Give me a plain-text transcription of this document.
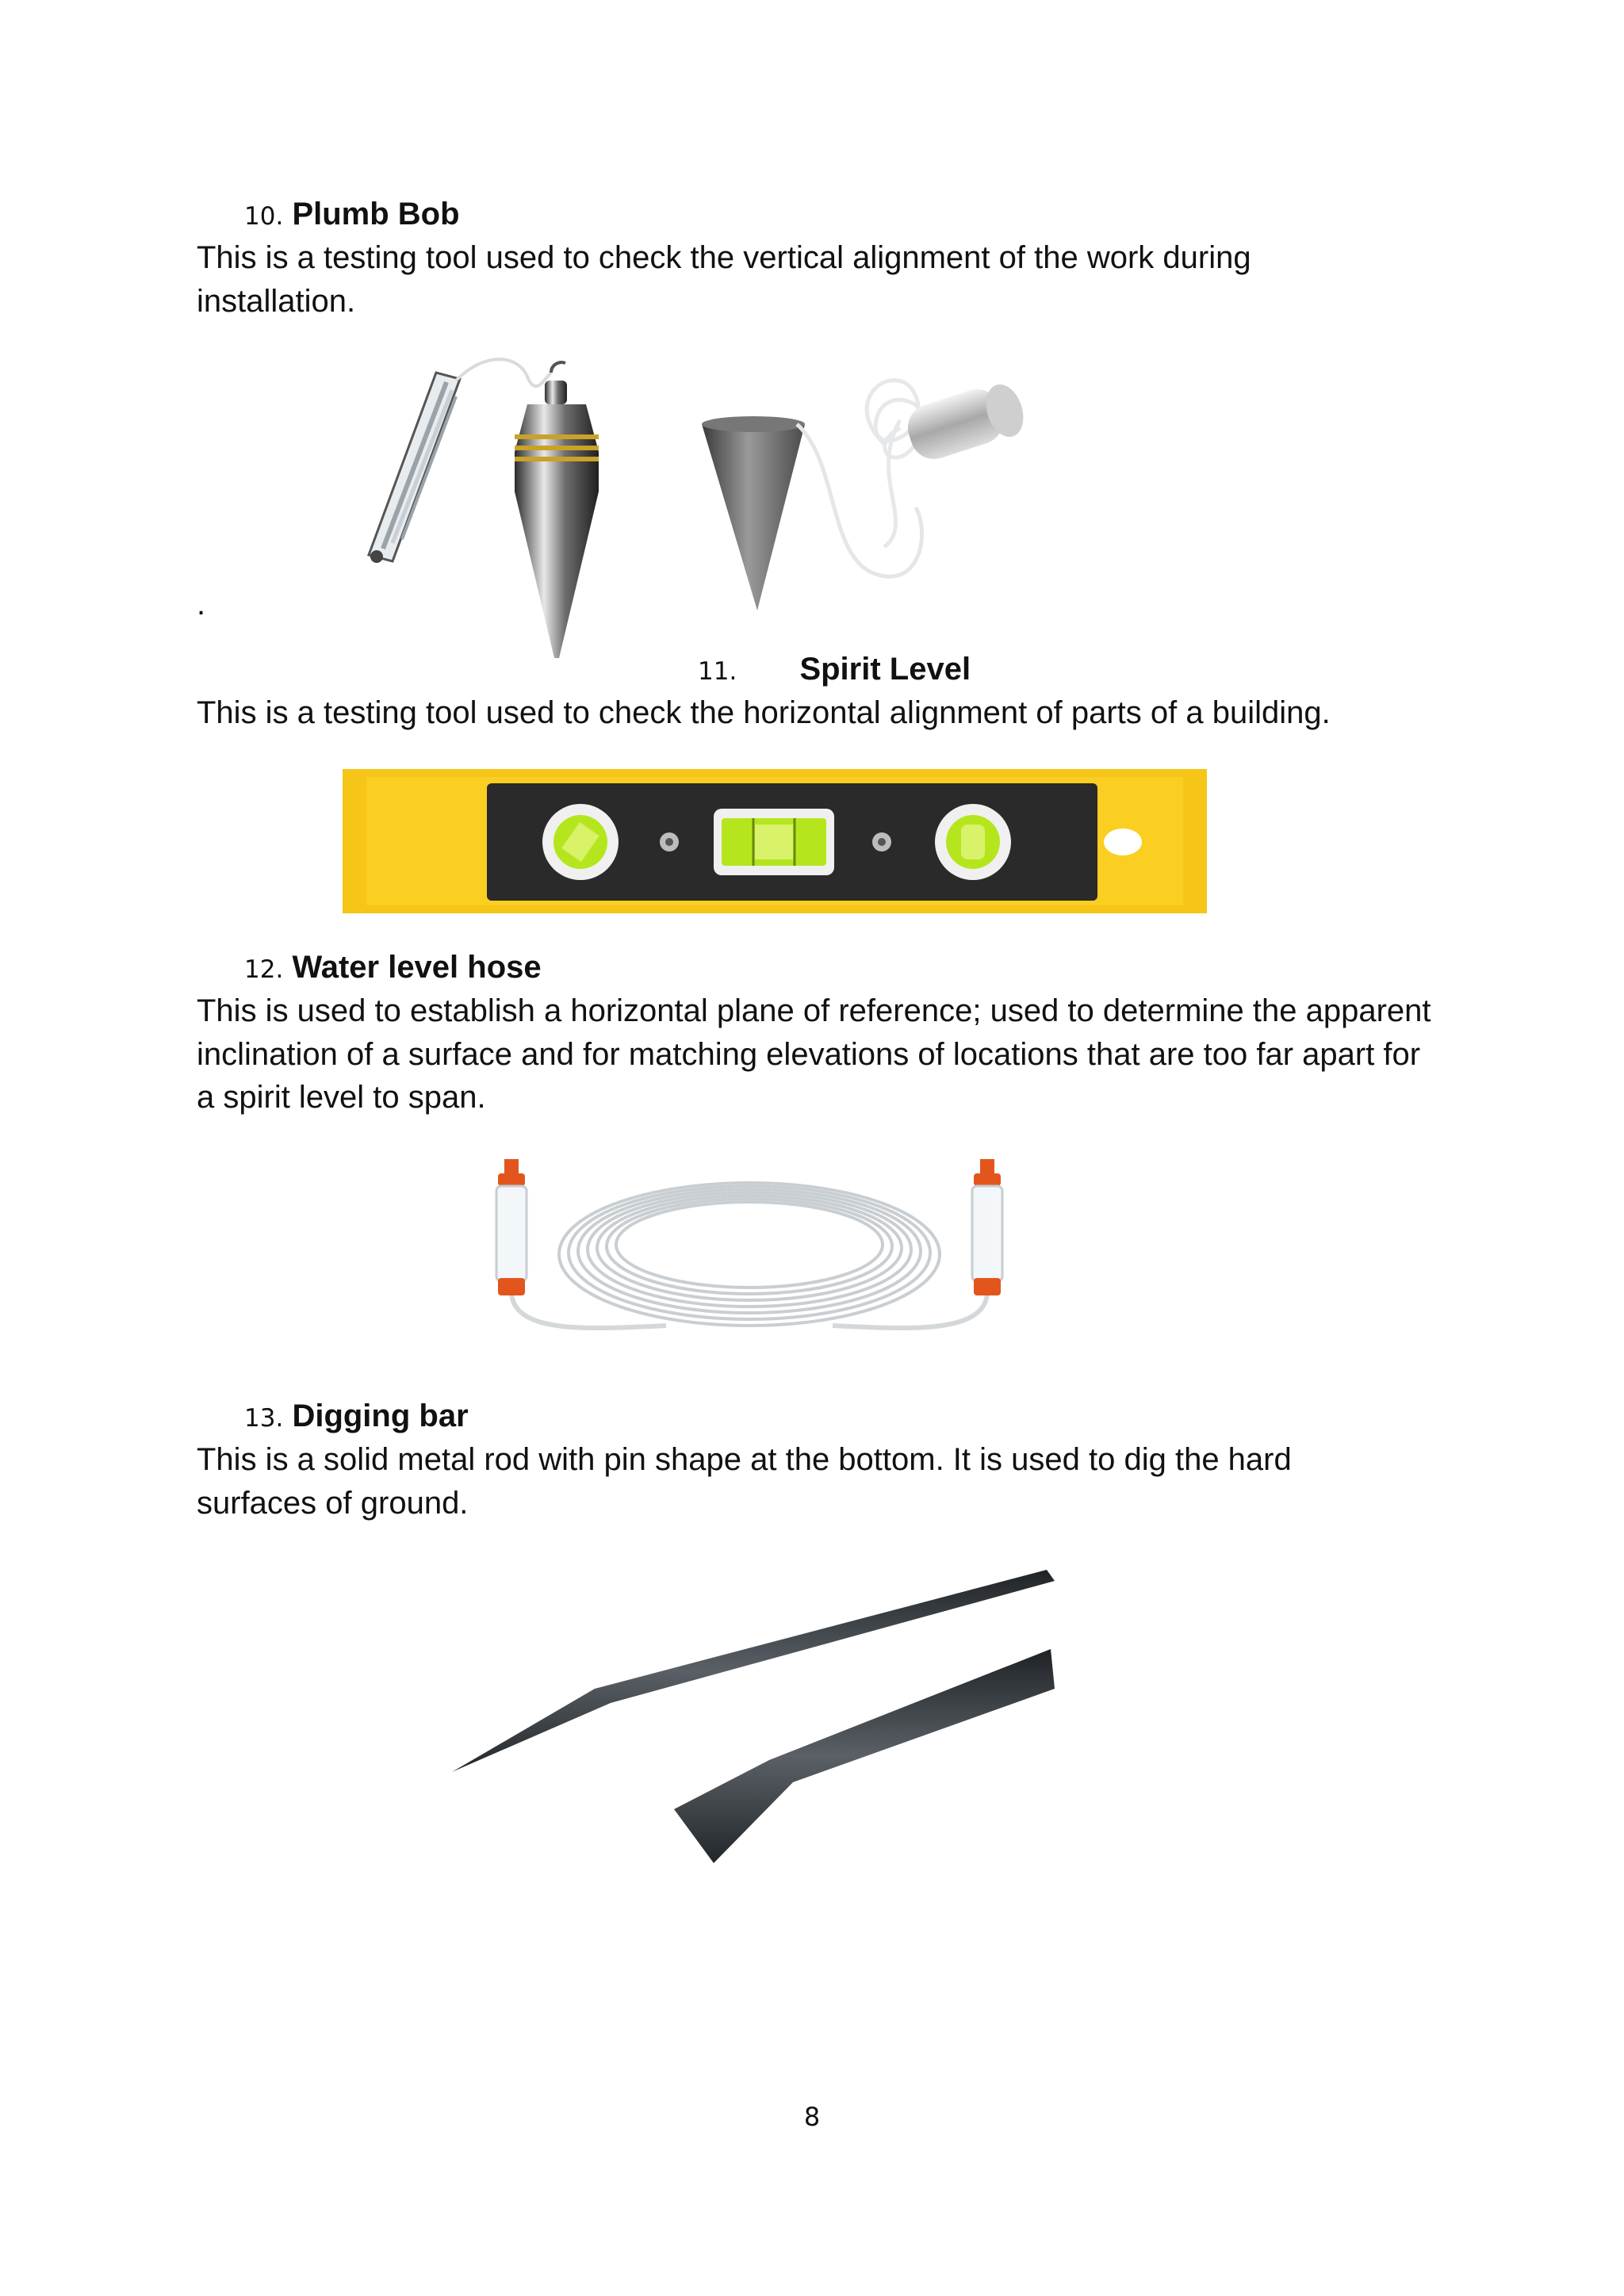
10. Plumb Bob
This is a testing tool used to check the vertical alignment of the work during installation.
.
11. Spirit Level
This is a testing tool used to check the horizontal alignment of parts of a building.
12. Water level hose
This is used to establish a horizontal plane of reference; used to determine the apparent inclination of a surface and for matching elevations of locations that are too far apart for a spirit level to span.
13. Digging bar
This is a solid metal rod with pin shape at the bottom. It is used to dig the hard surfaces of ground.
8
